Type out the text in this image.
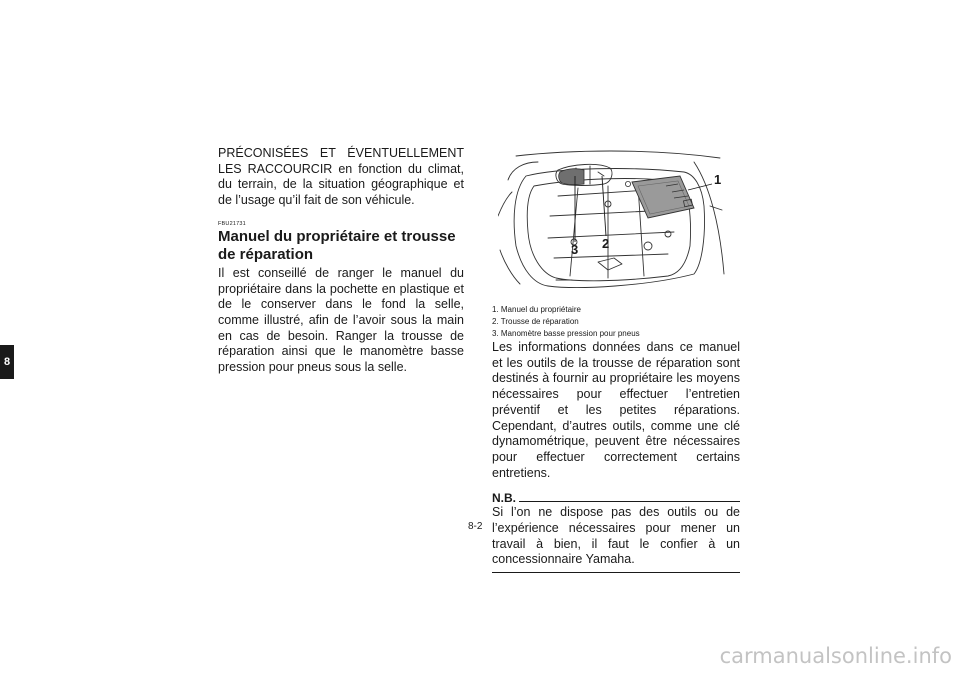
8

PRÉCONISÉES ET ÉVENTUELLEMENT LES RACCOURCIR en fonction du climat, du terrain, de la situation géographique et de l’usage qu’il fait de son véhicule.

FBU21731
Manuel du propriétaire et trousse de réparation

Il est conseillé de ranger le manuel du propriétaire dans la pochette en plastique et de le conserver dans le fond la selle, comme illustré, afin de l’avoir sous la main en cas de besoin. Ranger la trousse de réparation ainsi que le manomètre basse pression pour pneus sous la selle.

1
2
3
1. Manuel du propriétaire
2. Trousse de réparation
3. Manomètre basse pression pour pneus

Les informations données dans ce manuel et les outils de la trousse de réparation sont destinés à fournir au propriétaire les moyens nécessaires pour effectuer l’entretien préventif et les petites réparations. Cependant, d’autres outils, comme une clé dynamométrique, peuvent être nécessaires pour effectuer correctement certains entretiens.

N.B.

Si l’on ne dispose pas des outils ou de l’expérience nécessaires pour mener un travail à bien, il faut le confier à un concessionnaire Yamaha.

8-2
carmanualsonline.info
